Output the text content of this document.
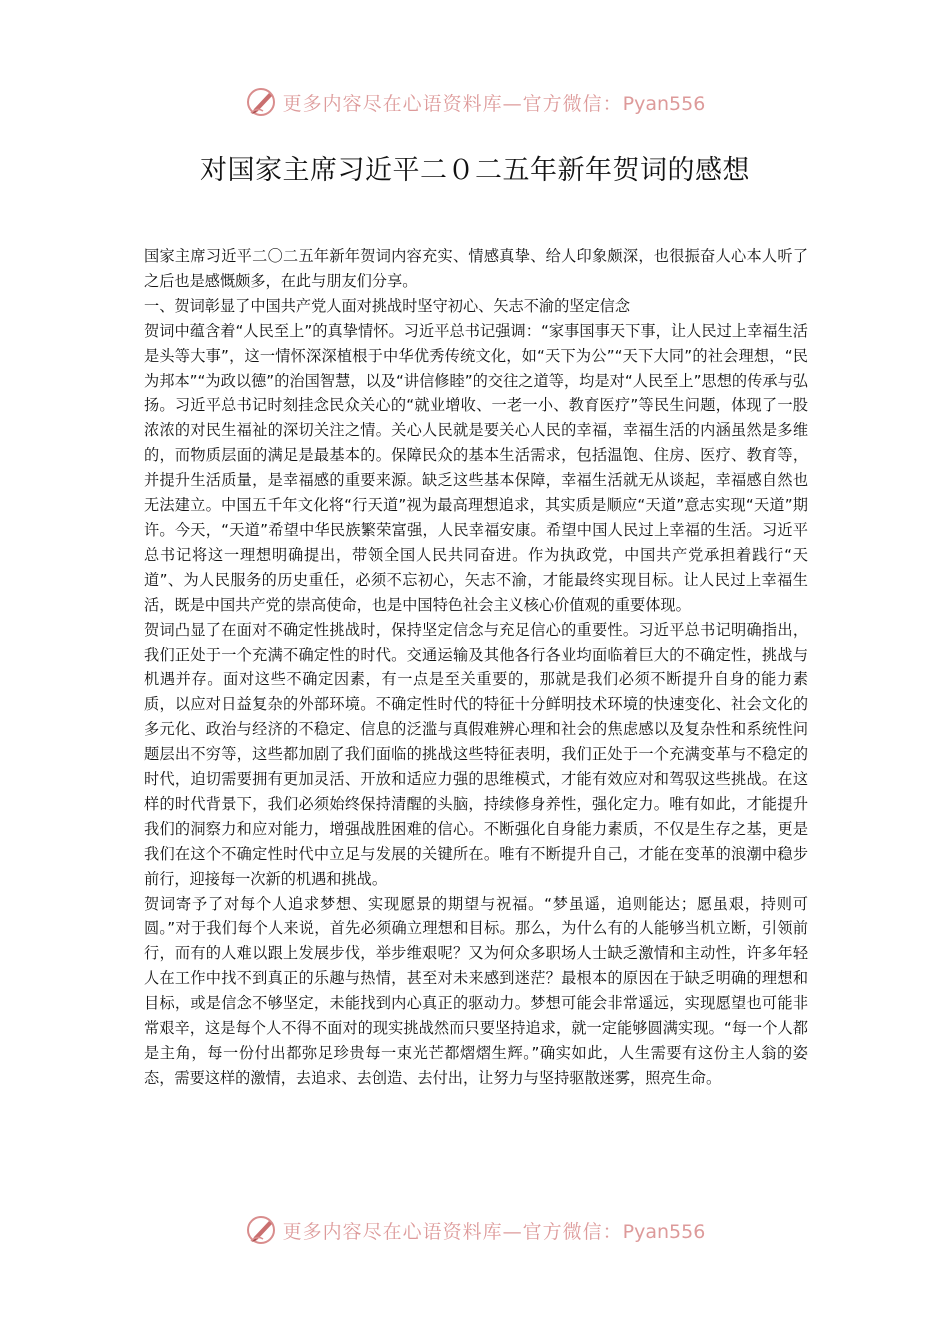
更多内容尽在心语资料库—官方微信：Pyan556
对国家主席习近平二０二五年新年贺词的感想

国家主席习近平二〇二五年新年贺词内容充实、情感真挚、给人印象颇深，也很振奋人心本人听了之后也是感慨颇多，在此与朋友们分享。

一、贺词彰显了中国共产党人面对挑战时坚守初心、矢志不渝的坚定信念

贺词中蕴含着“人民至上”的真挚情怀。习近平总书记强调：“家事国事天下事，让人民过上幸福生活是头等大事”，这一情怀深深植根于中华优秀传统文化，如“天下为公”“天下大同”的社会理想，“民为邦本”“为政以德”的治国智慧，以及“讲信修睦”的交往之道等，均是对“人民至上”思想的传承与弘扬。习近平总书记时刻挂念民众关心的“就业增收、一老一小、教育医疗”等民生问题，体现了一股浓浓的对民生福祉的深切关注之情。关心人民就是要关心人民的幸福，幸福生活的内涵虽然是多维的，而物质层面的满足是最基本的。保障民众的基本生活需求，包括温饱、住房、医疗、教育等，并提升生活质量，是幸福感的重要来源。缺乏这些基本保障，幸福生活就无从谈起，幸福感自然也无法建立。中国五千年文化将“行天道”视为最高理想追求，其实质是顺应“天道”意志实现“天道”期许。今天，“天道”希望中华民族繁荣富强，人民幸福安康。希望中国人民过上幸福的生活。习近平总书记将这一理想明确提出，带领全国人民共同奋进。作为执政党，中国共产党承担着践行“天道”、为人民服务的历史重任，必须不忘初心，矢志不渝，才能最终实现目标。让人民过上幸福生活，既是中国共产党的崇高使命，也是中国特色社会主义核心价值观的重要体现。

贺词凸显了在面对不确定性挑战时，保持坚定信念与充足信心的重要性。习近平总书记明确指出，我们正处于一个充满不确定性的时代。交通运输及其他各行各业均面临着巨大的不确定性，挑战与机遇并存。面对这些不确定因素，有一点是至关重要的，那就是我们必须不断提升自身的能力素质，以应对日益复杂的外部环境。不确定性时代的特征十分鲜明技术环境的快速变化、社会文化的多元化、政治与经济的不稳定、信息的泛滥与真假难辨心理和社会的焦虑感以及复杂性和系统性问题层出不穷等，这些都加剧了我们面临的挑战这些特征表明，我们正处于一个充满变革与不稳定的时代，迫切需要拥有更加灵活、开放和适应力强的思维模式，才能有效应对和驾驭这些挑战。在这样的时代背景下，我们必须始终保持清醒的头脑，持续修身养性，强化定力。唯有如此，才能提升我们的洞察力和应对能力，增强战胜困难的信心。不断强化自身能力素质，不仅是生存之基，更是我们在这个不确定性时代中立足与发展的关键所在。唯有不断提升自己，才能在变革的浪潮中稳步前行，迎接每一次新的机遇和挑战。

贺词寄予了对每个人追求梦想、实现愿景的期望与祝福。“梦虽遥，追则能达；愿虽艰，持则可圆。”对于我们每个人来说，首先必须确立理想和目标。那么，为什么有的人能够当机立断，引领前行，而有的人难以跟上发展步伐，举步维艰呢？又为何众多职场人士缺乏激情和主动性，许多年轻人在工作中找不到真正的乐趣与热情，甚至对未来感到迷茫？最根本的原因在于缺乏明确的理想和目标，或是信念不够坚定，未能找到内心真正的驱动力。梦想可能会非常遥远，实现愿望也可能非常艰辛，这是每个人不得不面对的现实挑战然而只要坚持追求，就一定能够圆满实现。“每一个人都是主角，每一份付出都弥足珍贵每一束光芒都熠熠生辉。”确实如此，人生需要有这份主人翁的姿态，需要这样的激情，去追求、去创造、去付出，让努力与坚持驱散迷雾，照亮生命。

更多内容尽在心语资料库—官方微信：Pyan556
